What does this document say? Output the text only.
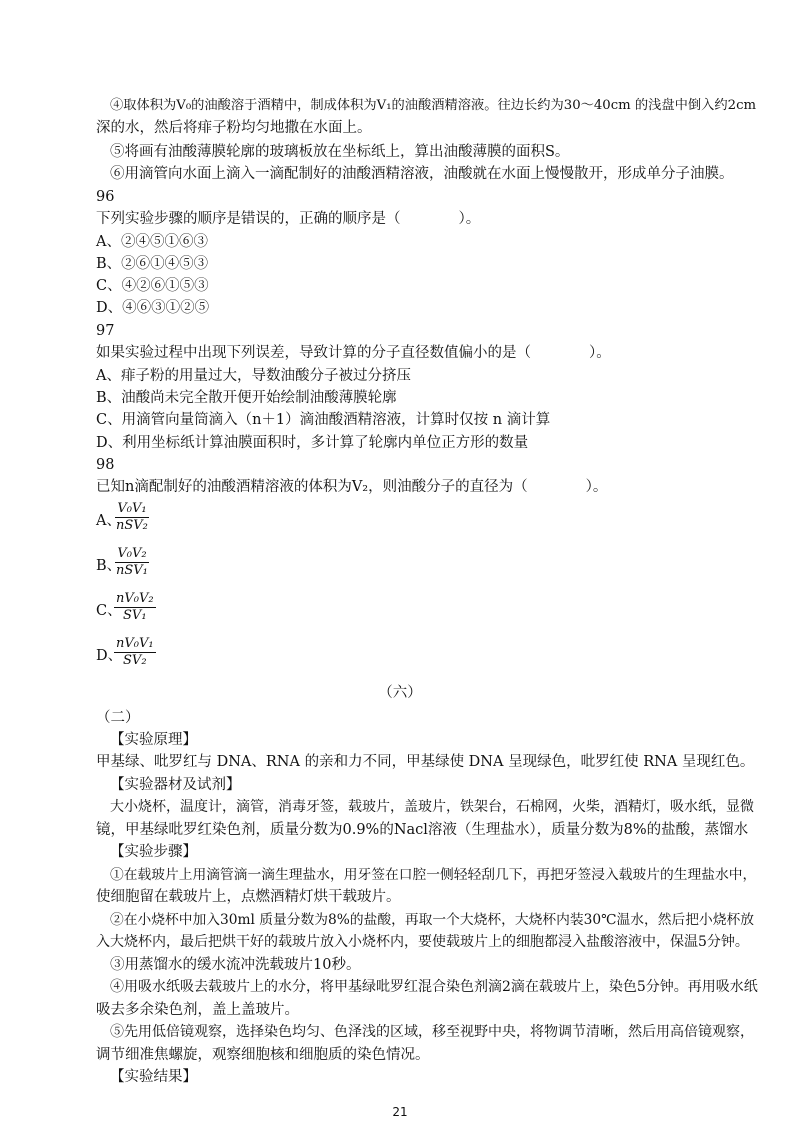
④取体积为V₀的油酸溶于酒精中，制成体积为V₁的油酸酒精溶液。往边长约为30～40cm 的浅盘中倒入约2cm
深的水，然后将痱子粉均匀地撒在水面上。
⑤将画有油酸薄膜轮廓的玻璃板放在坐标纸上，算出油酸薄膜的面积S。
⑥用滴管向水面上滴入一滴配制好的油酸酒精溶液，油酸就在水面上慢慢散开，形成单分子油膜。
96
下列实验步骤的顺序是错误的，正确的顺序是（　　　　）。
A、②④⑤①⑥③
B、②⑥①④⑤③
C、④②⑥①⑤③
D、④⑥③①②⑤
97
如果实验过程中出现下列误差，导致计算的分子直径数值偏小的是（　　　　）。
A、痱子粉的用量过大，导数油酸分子被过分挤压
B、油酸尚未完全散开便开始绘制油酸薄膜轮廓
C、用滴管向量筒滴入（n＋1）滴油酸酒精溶液，计算时仅按 n 滴计算
D、利用坐标纸计算油膜面积时，多计算了轮廓内单位正方形的数量
98
已知n滴配制好的油酸酒精溶液的体积为V₂，则油酸分子的直径为（　　　　）。
A、
V₀V₁
nSV₂
B、
V₀V₂
nSV₁
C、
$\frac{\text{nV₀V₂}}{\text{SV₁}}$
D、
$\frac{\text{nV₀V₁}}{\text{SV₂}}$
（六）
（二）
【实验原理】
甲基绿、吡罗红与 DNA、RNA 的亲和力不同，甲基绿使 DNA 呈现绿色，吡罗红使 RNA 呈现红色。
【实验器材及试剂】
大小烧杯，温度计，滴管，消毒牙签，载玻片，盖玻片，铁架台，石棉网，火柴，酒精灯，吸水纸，显微
镜，甲基绿吡罗红染色剂，质量分数为0.9%的Nacl溶液（生理盐水），质量分数为8%的盐酸，蒸馏水
【实验步骤】
①在载玻片上用滴管滴一滴生理盐水，用牙签在口腔一侧轻轻刮几下，再把牙签浸入载玻片的生理盐水中，
使细胞留在载玻片上，点燃酒精灯烘干载玻片。
②在小烧杯中加入30ml 质量分数为8%的盐酸，再取一个大烧杯，大烧杯内装30℃温水，然后把小烧杯放
入大烧杯内，最后把烘干好的载玻片放入小烧杯内，要使载玻片上的细胞都浸入盐酸溶液中，保温5分钟。
③用蒸馏水的缓水流冲洗载玻片10秒。
④用吸水纸吸去载玻片上的水分，将甲基绿吡罗红混合染色剂滴2滴在载玻片上，染色5分钟。再用吸水纸
吸去多余染色剂，盖上盖玻片。
⑤先用低倍镜观察，选择染色均匀、色泽浅的区域，移至视野中央，将物调节清晰，然后用高倍镜观察，
调节细准焦螺旋，观察细胞核和细胞质的染色情况。
【实验结果】
21
